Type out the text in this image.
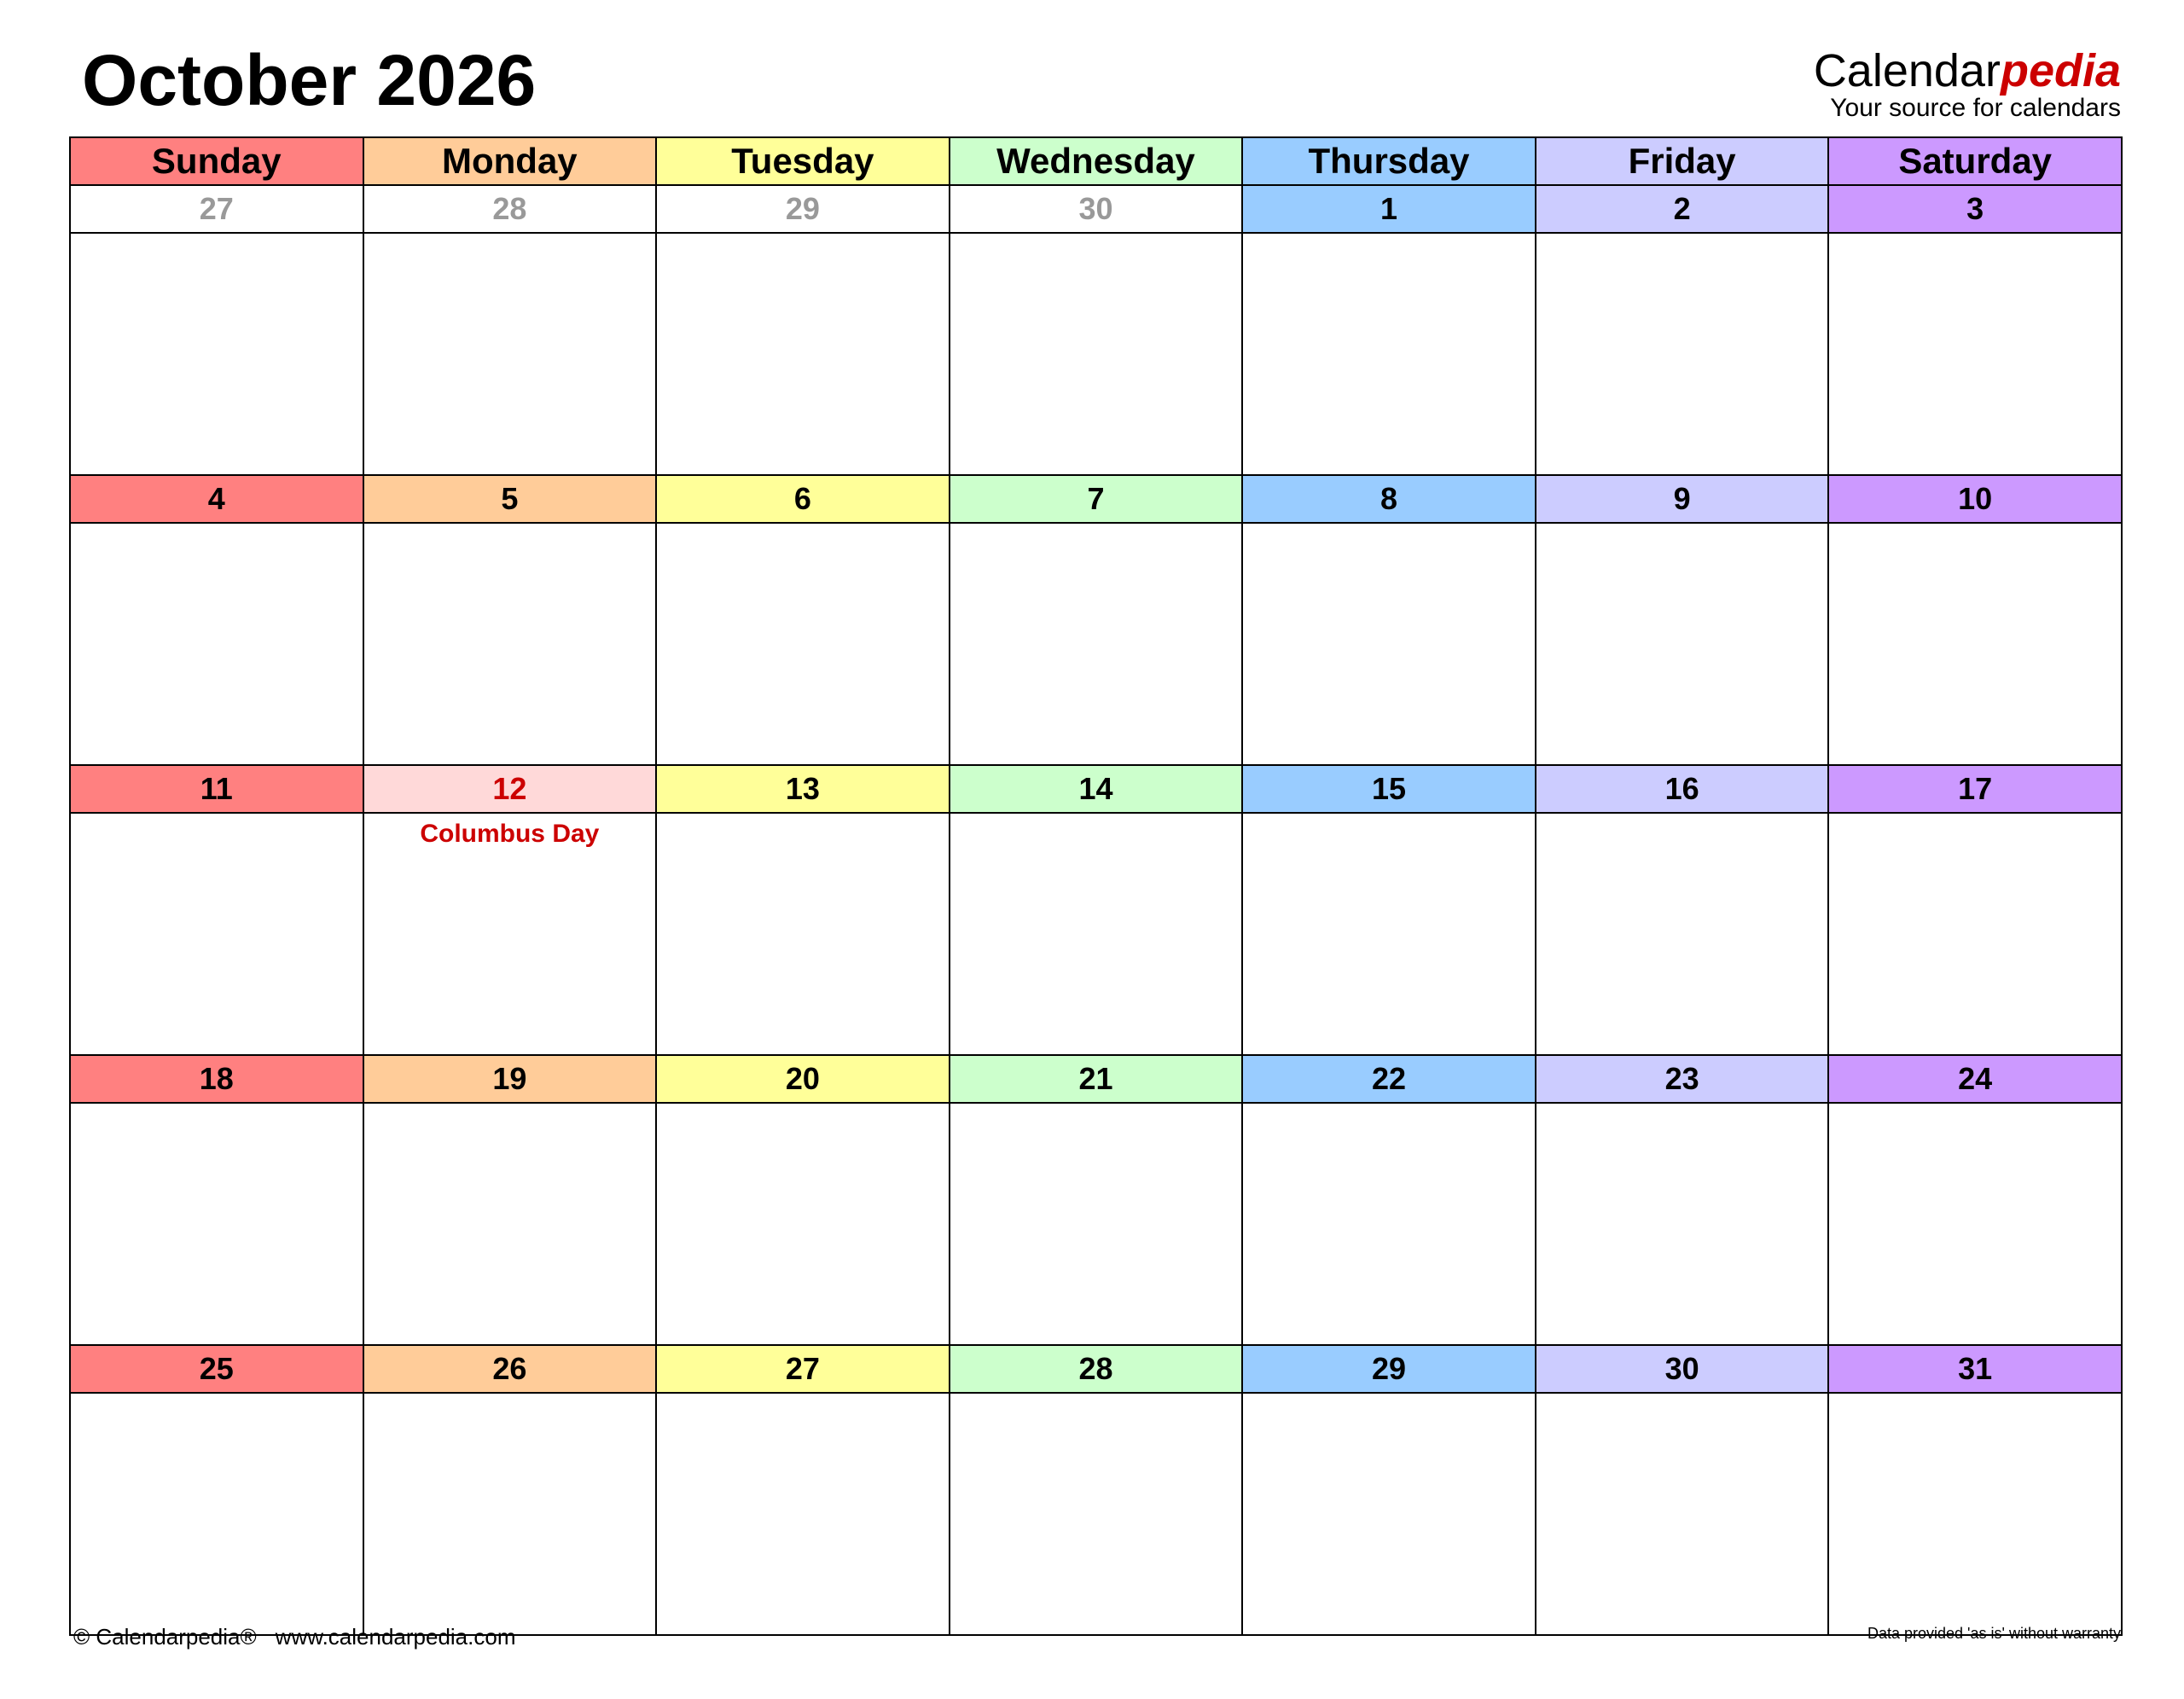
October 2026	Calendarpedia
Your source for calendars
Sunday	Monday	Tuesday	Wednesday	Thursday	Friday	Saturday
27	28	29	30	1	2	3

4	5	6	7	8	9	10

11	12	13	14	15	16	17

	Columbus Day					

18	19	20	21	22	23	24

25	26	27	28	29	30	31

© Calendarpedia® www.calendarpedia.com	Data provided 'as is' without warranty
